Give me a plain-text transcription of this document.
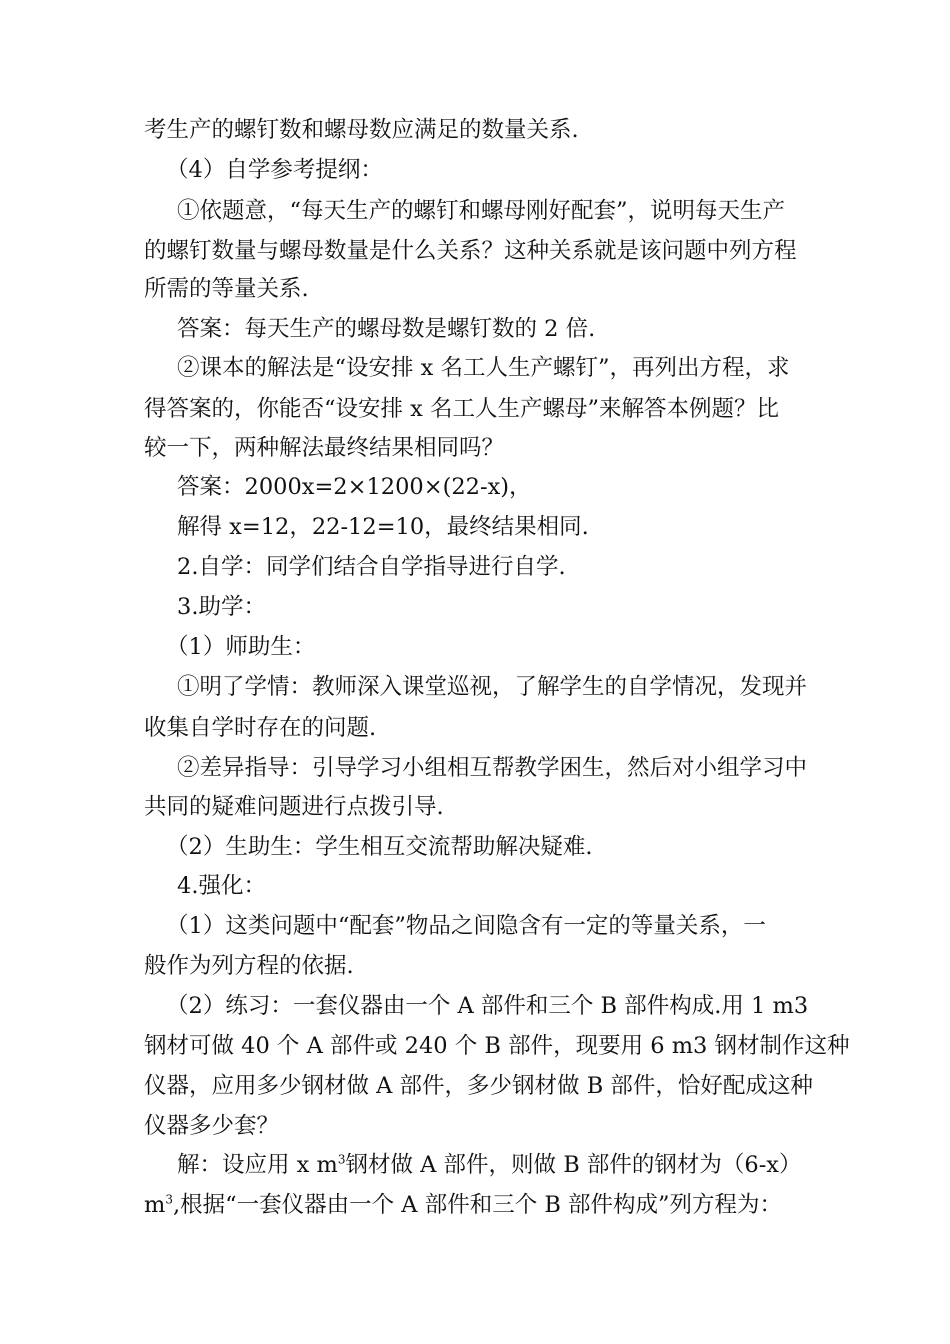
考生产的螺钉数和螺母数应满足的数量关系.
（4）自学参考提纲：
①依题意，“每天生产的螺钉和螺母刚好配套”，说明每天生产
的螺钉数量与螺母数量是什么关系？这种关系就是该问题中列方程
所需的等量关系.
答案：每天生产的螺母数是螺钉数的 2 倍.
②课本的解法是“设安排 x 名工人生产螺钉”，再列出方程，求
得答案的，你能否“设安排 x 名工人生产螺母”来解答本例题？比
较一下，两种解法最终结果相同吗？
答案：2000x=2×1200×(22-x)，
解得 x=12，22-12=10，最终结果相同.
2.自学：同学们结合自学指导进行自学.
3.助学：
（1）师助生：
①明了学情：教师深入课堂巡视，了解学生的自学情况，发现并
收集自学时存在的问题.
②差异指导：引导学习小组相互帮教学困生，然后对小组学习中
共同的疑难问题进行点拨引导.
（2）生助生：学生相互交流帮助解决疑难.
4.强化：
（1）这类问题中“配套”物品之间隐含有一定的等量关系，一
般作为列方程的依据.
（2）练习：一套仪器由一个 A 部件和三个 B 部件构成.用 1 m3
钢材可做 40 个 A 部件或 240 个 B 部件，现要用 6 m3 钢材制作这种
仪器，应用多少钢材做 A 部件，多少钢材做 B 部件，恰好配成这种
仪器多少套？
解：设应用 x $m^3$钢材做 A 部件，则做 B 部件的钢材为（6-x）
$m^3$,根据“一套仪器由一个 A 部件和三个 B 部件构成”列方程为：
